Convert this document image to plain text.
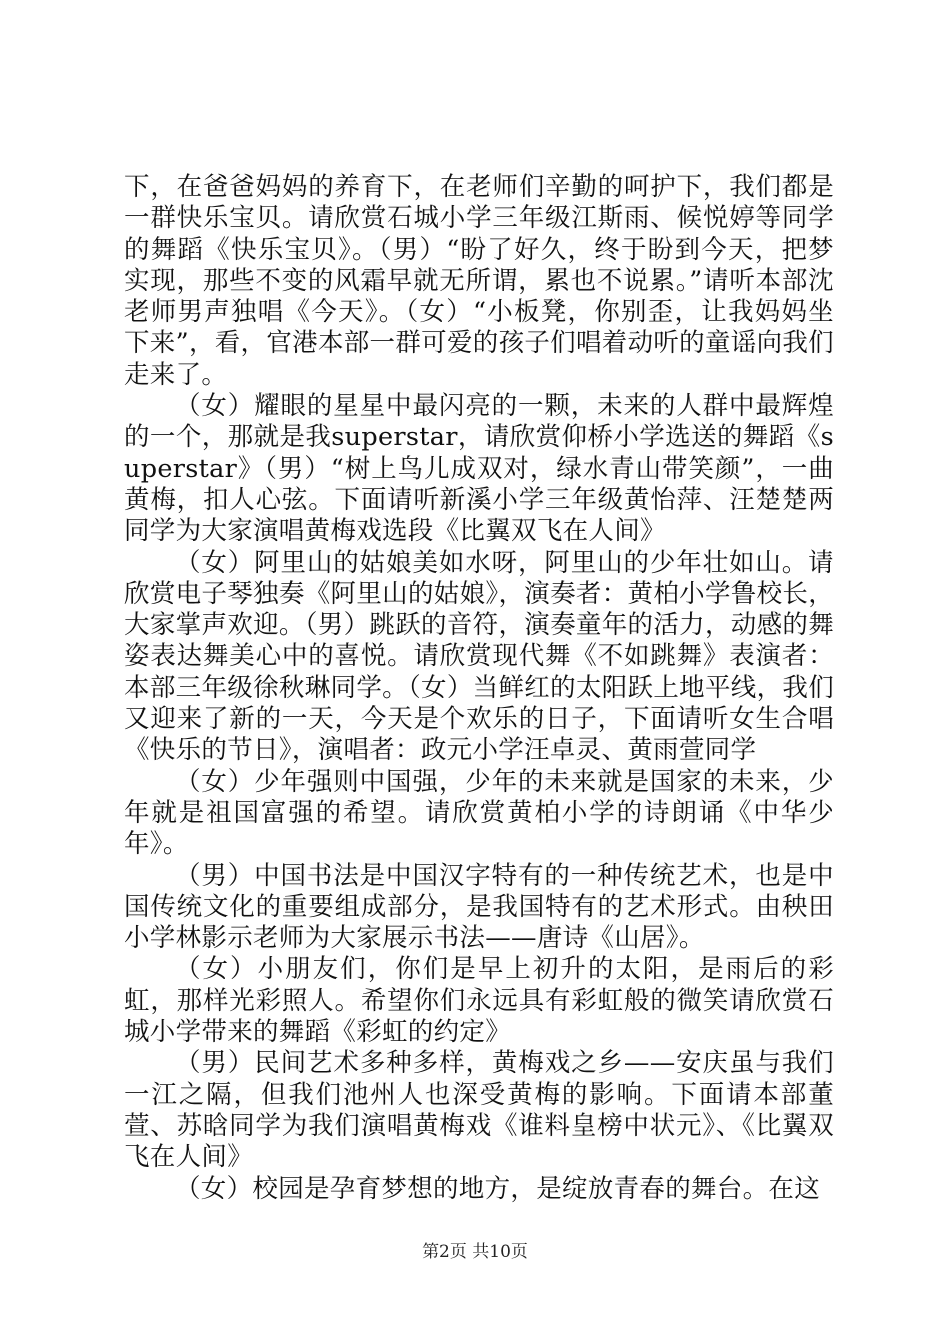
下，在爸爸妈妈的养育下，在老师们辛勤的呵护下，我们都是一群快乐宝贝。请欣赏石城小学三年级江斯雨、候悦婷等同学的舞蹈《快乐宝贝》。（男）“盼了好久，终于盼到今天，把梦实现，那些不变的风霜早就无所谓，累也不说累。”请听本部沈老师男声独唱《今天》。（女）“小板凳，你别歪，让我妈妈坐下来”，看，官港本部一群可爱的孩子们唱着动听的童谣向我们走来了。

（女）耀眼的星星中最闪亮的一颗，未来的人群中最辉煌的一个，那就是我superstar，请欣赏仰桥小学选送的舞蹈《superstar》（男）“树上鸟儿成双对，绿水青山带笑颜”，一曲黄梅，扣人心弦。下面请听新溪小学三年级黄怡萍、汪楚楚两同学为大家演唱黄梅戏选段《比翼双飞在人间》

（女）阿里山的姑娘美如水呀，阿里山的少年壮如山。请欣赏电子琴独奏《阿里山的姑娘》，演奏者：黄柏小学鲁校长，大家掌声欢迎。（男）跳跃的音符，演奏童年的活力，动感的舞姿表达舞美心中的喜悦。请欣赏现代舞《不如跳舞》表演者：本部三年级徐秋琳同学。（女）当鲜红的太阳跃上地平线，我们又迎来了新的一天，今天是个欢乐的日子，下面请听女生合唱《快乐的节日》，演唱者：政元小学汪卓灵、黄雨萱同学

（女）少年强则中国强，少年的未来就是国家的未来，少年就是祖国富强的希望。请欣赏黄柏小学的诗朗诵《中华少年》。

（男）中国书法是中国汉字特有的一种传统艺术，也是中国传统文化的重要组成部分，是我国特有的艺术形式。由秧田小学林影示老师为大家展示书法——唐诗《山居》。

（女）小朋友们，你们是早上初升的太阳，是雨后的彩虹，那样光彩照人。希望你们永远具有彩虹般的微笑请欣赏石城小学带来的舞蹈《彩虹的约定》

（男）民间艺术多种多样，黄梅戏之乡——安庆虽与我们一江之隔，但我们池州人也深受黄梅的影响。下面请本部董萱、苏晗同学为我们演唱黄梅戏《谁料皇榜中状元》、《比翼双飞在人间》

（女）校园是孕育梦想的地方，是绽放青春的舞台。在这

第2页 共10页
